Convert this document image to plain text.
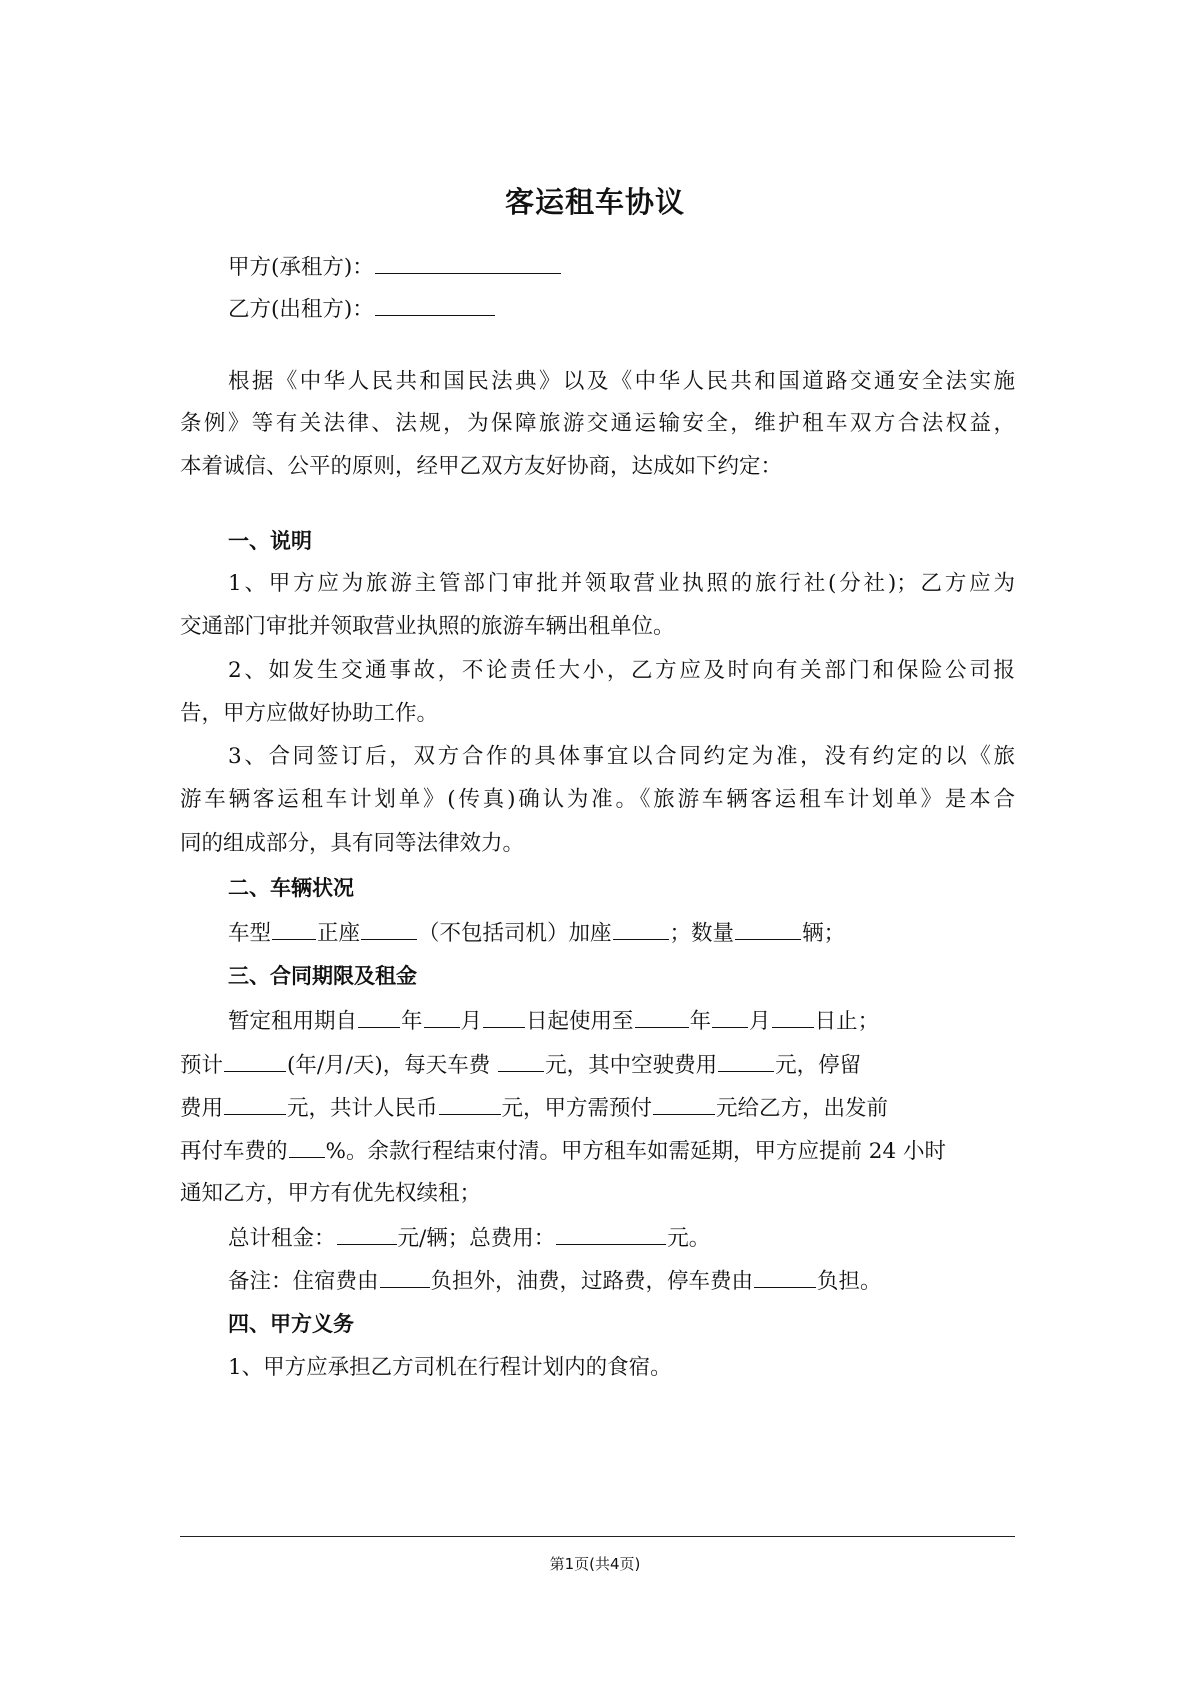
客运租车协议
甲方(承租方)：
乙方(出租方)：
根据《中华人民共和国民法典》以及《中华人民共和国道路交通安全法实施
条例》等有关法律、法规，为保障旅游交通运输安全，维护租车双方合法权益，
本着诚信、公平的原则，经甲乙双方友好协商，达成如下约定：
一、说明
1、甲方应为旅游主管部门审批并领取营业执照的旅行社(分社)；乙方应为
交通部门审批并领取营业执照的旅游车辆出租单位。
2、如发生交通事故，不论责任大小，乙方应及时向有关部门和保险公司报
告，甲方应做好协助工作。
3、合同签订后，双方合作的具体事宜以合同约定为准，没有约定的以《旅
游车辆客运租车计划单》(传真)确认为准。《旅游车辆客运租车计划单》是本合
同的组成部分，具有同等法律效力。
二、车辆状况
车型 正座	（不包括司机）加座	；数量	辆；
三、合同期限及租金
暂定租用期自 年 月 日起使用至	年 月 日止；
预计	(年/月/天)，每天车费 元，其中空驶费用	元，停留
费用	元，共计人民币	元，甲方需预付	元给乙方，出发前
再付车费的 %。余款行程结束付清。甲方租车如需延期，甲方应提前 24 小时
通知乙方，甲方有优先权续租；
总计租金：	元/辆；总费用：	元。
备注：住宿费由 负担外，油费，过路费，停车费由	负担。
四、甲方义务
1、甲方应承担乙方司机在行程计划内的食宿。
第1页(共4页)
